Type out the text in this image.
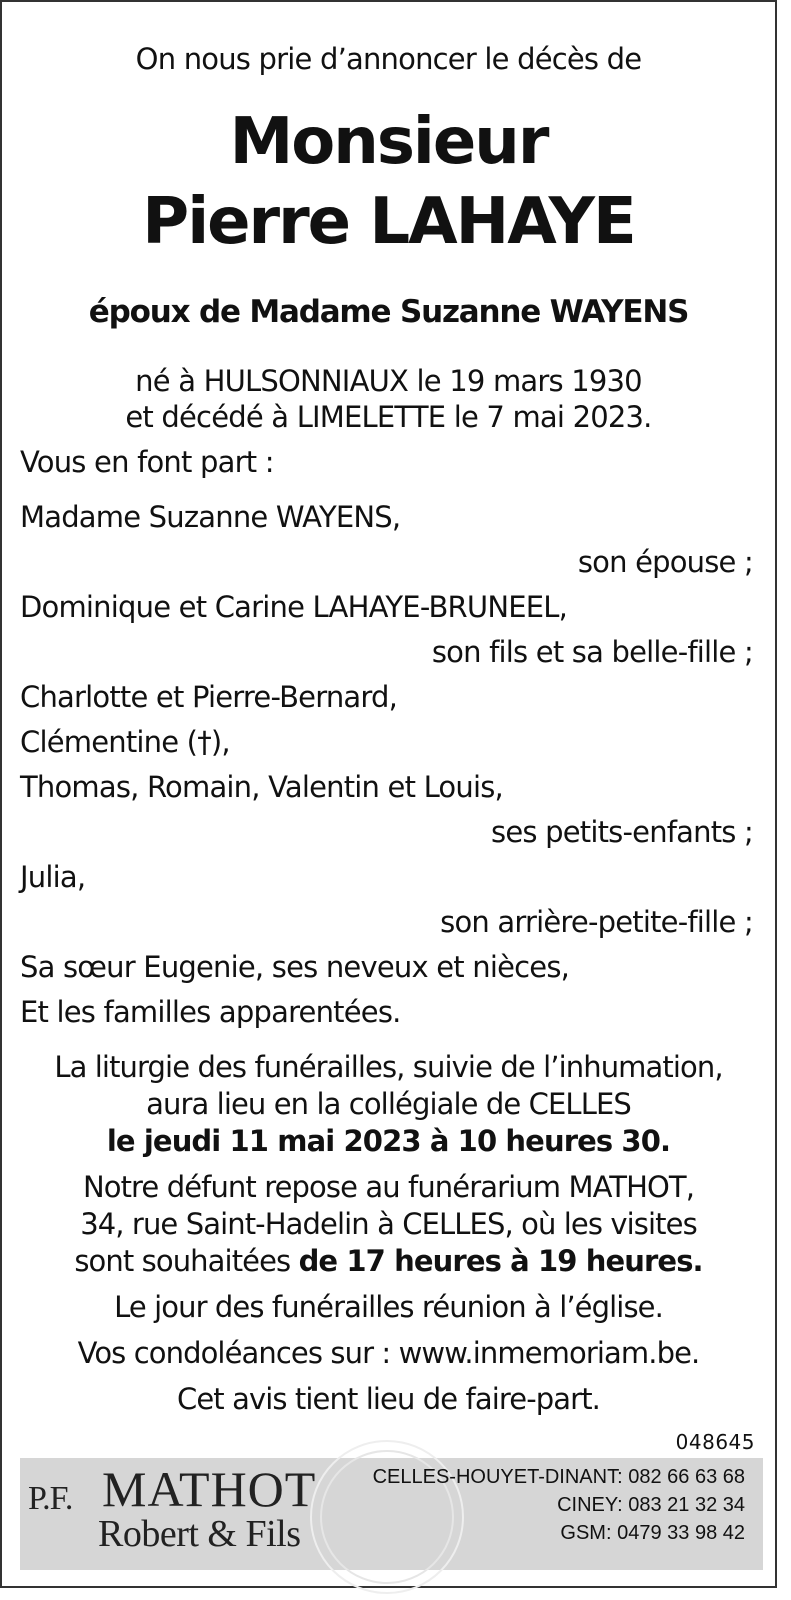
On nous prie d’annoncer le décès de
Monsieur
Pierre LAHAYE
époux de Madame Suzanne WAYENS
né à HULSONNIAUX le 19 mars 1930
et décédé à LIMELETTE le 7 mai 2023.
Vous en font part :
Madame Suzanne WAYENS,
son épouse ;
Dominique et Carine LAHAYE-BRUNEEL,
son fils et sa belle-fille ;
Charlotte et Pierre-Bernard,
Clémentine (†),
Thomas, Romain, Valentin et Louis,
ses petits-enfants ;
Julia,
son arrière-petite-fille ;
Sa sœur Eugenie, ses neveux et nièces,
Et les familles apparentées.
La liturgie des funérailles, suivie de l’inhumation,
aura lieu en la collégiale de CELLES
le jeudi 11 mai 2023 à 10 heures 30.
Notre défunt repose au funérarium MATHOT,
34, rue Saint-Hadelin à CELLES, où les visites
sont souhaitées de 17 heures à 19 heures.
Le jour des funérailles réunion à l’église.
Vos condoléances sur : www.inmemoriam.be.
Cet avis tient lieu de faire-part.
048645
P.F. MATHOT
Robert & Fils
CELLES-HOUYET-DINANT: 082 66 63 68
CINEY: 083 21 32 34
GSM: 0479 33 98 42
